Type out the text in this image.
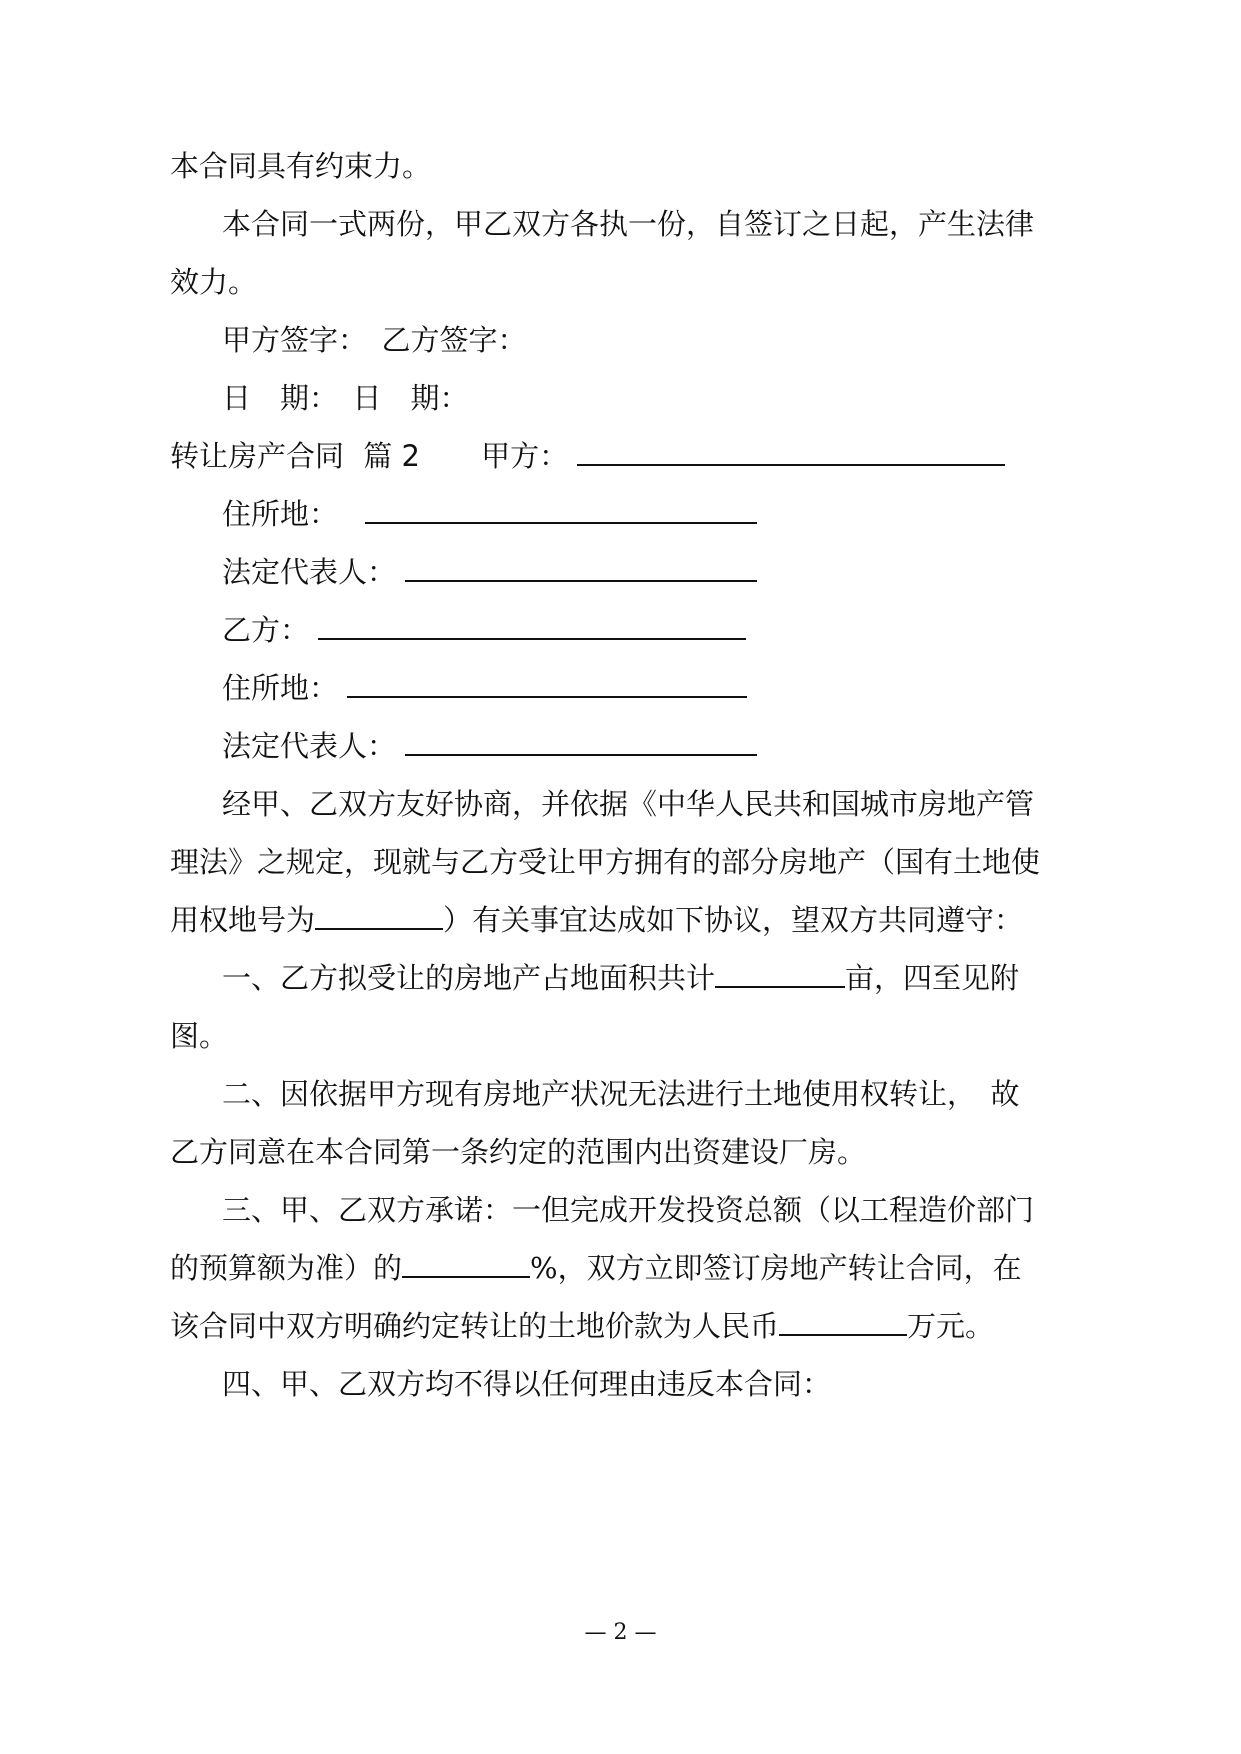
本合同具有约束力。
本合同一式两份，甲乙双方各执一份，自签订之日起，产生法律
效力。
甲方签字：　乙方签字：
日　期：　日　期：
转让房产合同 篇 2 甲方：
住所地：
法定代表人：
乙方：
住所地：
法定代表人：
经甲、乙双方友好协商，并依据《中华人民共和国城市房地产管
理法》之规定，现就与乙方受让甲方拥有的部分房地产（国有土地使
用权地号为	）有关事宜达成如下协议，望双方共同遵守：
一、乙方拟受让的房地产占地面积共计	亩，四至见附
图。
二、因依据甲方现有房地产状况无法进行土地使用权转让，　故
乙方同意在本合同第一条约定的范围内出资建设厂房。
三、甲、乙双方承诺：一但完成开发投资总额（以工程造价部门
的预算额为准）的	%，双方立即签订房地产转让合同，在
该合同中双方明确约定转让的土地价款为人民币	万元。
四、甲、乙双方均不得以任何理由违反本合同：
— 2 —
